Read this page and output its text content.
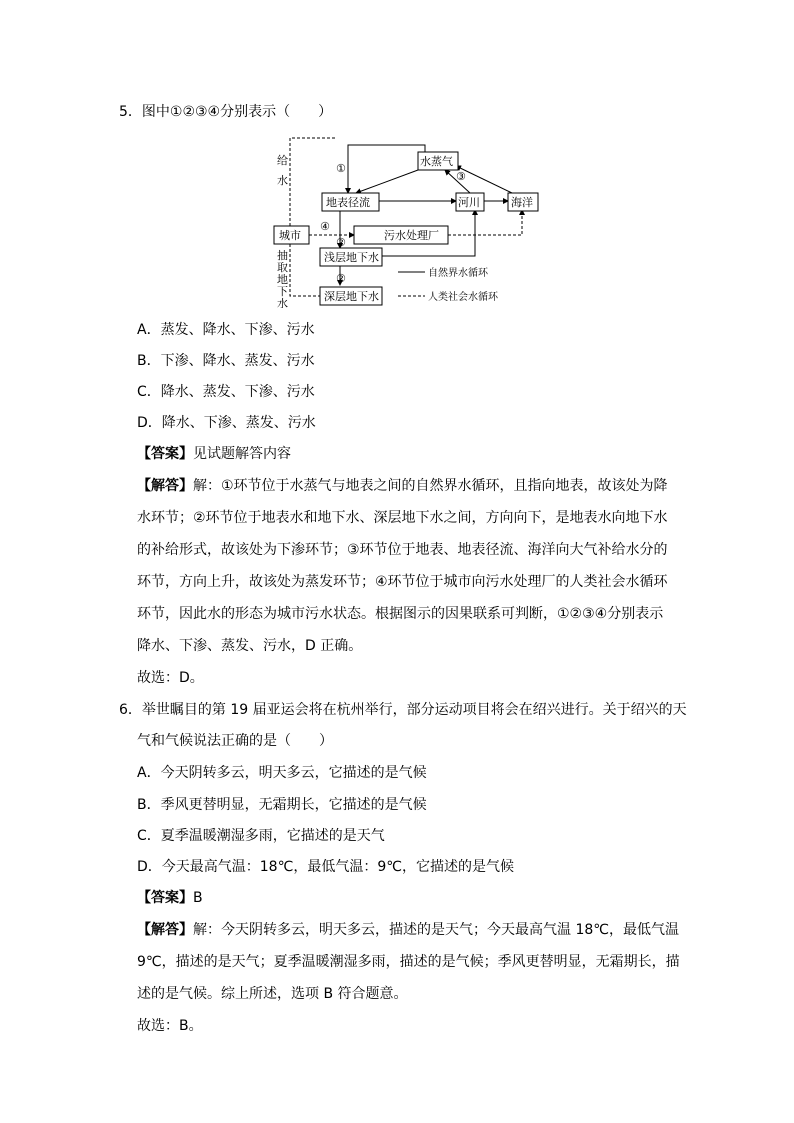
5．图中①②③④分别表示（　　）
水蒸气
地表径流	河川	海洋
城市	污水处理厂
浅层地下水
深层地下水
给
水
抽
取
地
下
水
①
②
②
③
④
自然界水循环
人类社会水循环
A．蒸发、降水、下渗、污水
B．下渗、降水、蒸发、污水
C．降水、蒸发、下渗、污水
D．降水、下渗、蒸发、污水
【答案】见试题解答内容
【解答】解：①环节位于水蒸气与地表之间的自然界水循环，且指向地表，故该处为降
水环节；②环节位于地表水和地下水、深层地下水之间，方向向下，是地表水向地下水
的补给形式，故该处为下渗环节；③环节位于地表、地表径流、海洋向大气补给水分的
环节，方向上升，故该处为蒸发环节；④环节位于城市向污水处理厂的人类社会水循环
环节，因此水的形态为城市污水状态。根据图示的因果联系可判断，①②③④分别表示
降水、下渗、蒸发、污水，D 正确。
故选：D。
6．举世瞩目的第 19 届亚运会将在杭州举行，部分运动项目将会在绍兴进行。关于绍兴的天
气和气候说法正确的是（　　）
A．今天阴转多云，明天多云，它描述的是气候
B．季风更替明显，无霜期长，它描述的是气候
C．夏季温暖潮湿多雨，它描述的是天气
D．今天最高气温：18℃，最低气温：9℃，它描述的是气候
【答案】B
【解答】解：今天阴转多云，明天多云，描述的是天气；今天最高气温 18℃，最低气温
9℃，描述的是天气；夏季温暖潮湿多雨，描述的是气候；季风更替明显，无霜期长，描
述的是气候。综上所述，选项 B 符合题意。
故选：B。
